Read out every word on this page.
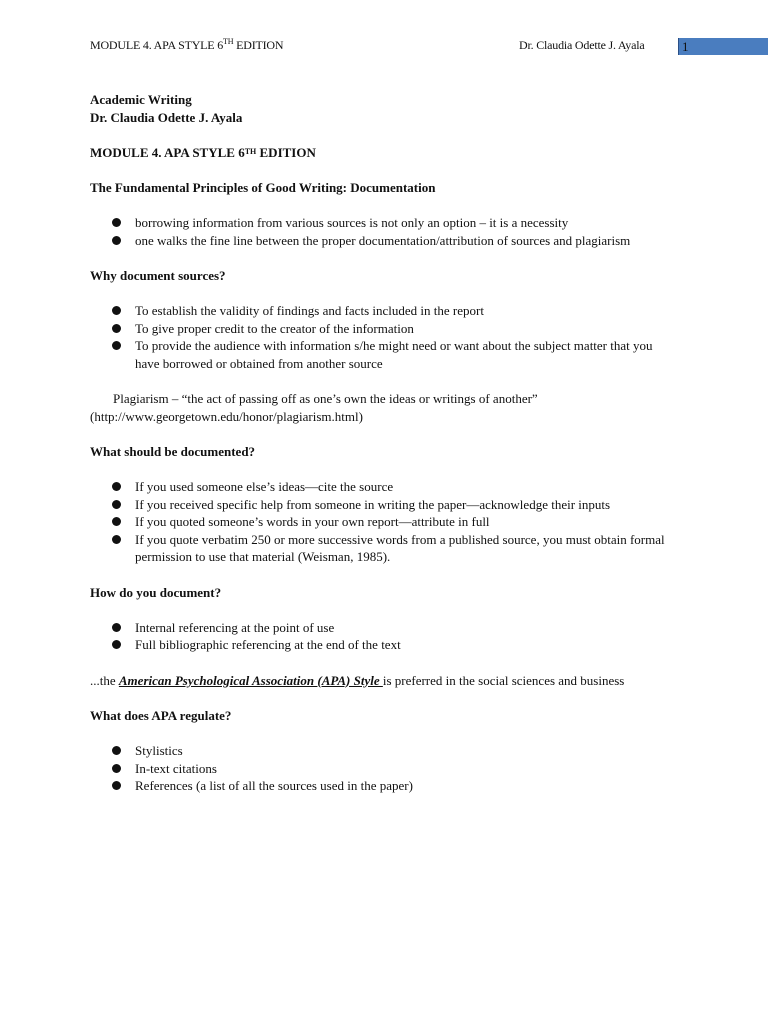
MODULE 4. APA STYLE 6TH EDITION	Dr. Claudia Odette J. Ayala	1

Academic Writing

Dr. Claudia Odette J. Ayala

MODULE 4. APA STYLE 6TH EDITION

The Fundamental Principles of Good Writing: Documentation

borrowing information from various sources is not only an option – it is a necessity
one walks the fine line between the proper documentation/attribution of sources and plagiarism

Why document sources?

To establish the validity of findings and facts included in the report
To give proper credit to the creator of the information
To provide the audience with information s/he might need or want about the subject matter that you have borrowed or obtained from another source

Plagiarism – “the act of passing off as one’s own the ideas or writings of another”

(http://www.georgetown.edu/honor/plagiarism.html)

What should be documented?

If you used someone else’s ideas—cite the source
If you received specific help from someone in writing the paper—acknowledge their inputs
If you quoted someone’s words in your own report—attribute in full
If you quote verbatim 250 or more successive words from a published source, you must obtain formal permission to use that material (Weisman, 1985).

How do you document?

Internal referencing at the point of use
Full bibliographic referencing at the end of the text

...the American Psychological Association (APA) Style is preferred in the social sciences and business

What does APA regulate?

Stylistics
In-text citations
References (a list of all the sources used in the paper)
